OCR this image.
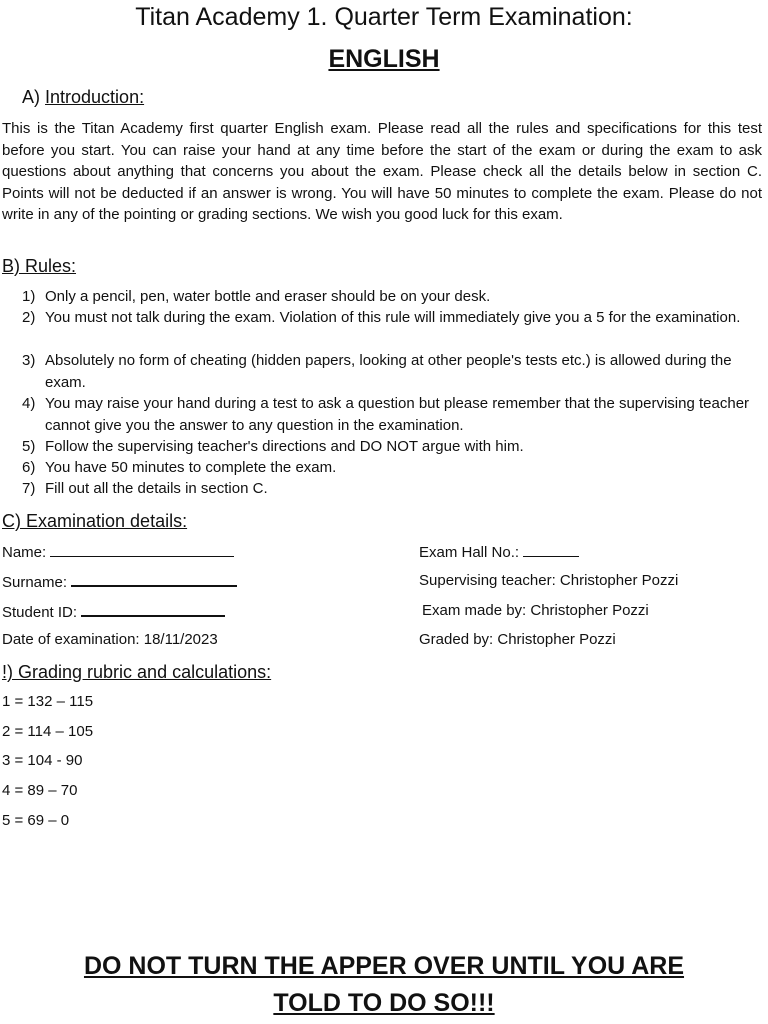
Titan Academy 1. Quarter Term Examination:
ENGLISH
A) Introduction:
This is the Titan Academy first quarter English exam. Please read all the rules and specifications for this test before you start. You can raise your hand at any time before the start of the exam or during the exam to ask questions about anything that concerns you about the exam. Please check all the details below in section C. Points will not be deducted if an answer is wrong. You will have 50 minutes to complete the exam. Please do not write in any of the pointing or grading sections. We wish you good luck for this exam.
B) Rules:
1) Only a pencil, pen, water bottle and eraser should be on your desk.
2) You must not talk during the exam. Violation of this rule will immediately give you a 5 for the examination.
3) Absolutely no form of cheating (hidden papers, looking at other people's tests etc.) is allowed during the exam.
4) You may raise your hand during a test to ask a question but please remember that the supervising teacher cannot give you the answer to any question in the examination.
5) Follow the supervising teacher's directions and DO NOT argue with him.
6) You have 50 minutes to complete the exam.
7) Fill out all the details in section C.
C) Examination details:
Name:
Surname:
Student ID:
Date of examination: 18/11/2023
Exam Hall No.:
Supervising teacher: Christopher Pozzi
Exam made by: Christopher Pozzi
Graded by: Christopher Pozzi
!) Grading rubric and calculations:
1 = 132 – 115
2 = 114 – 105
3 = 104 - 90
4 = 89 – 70
5 = 69 – 0
DO NOT TURN THE APPER OVER UNTIL YOU ARE
TOLD TO DO SO!!!
